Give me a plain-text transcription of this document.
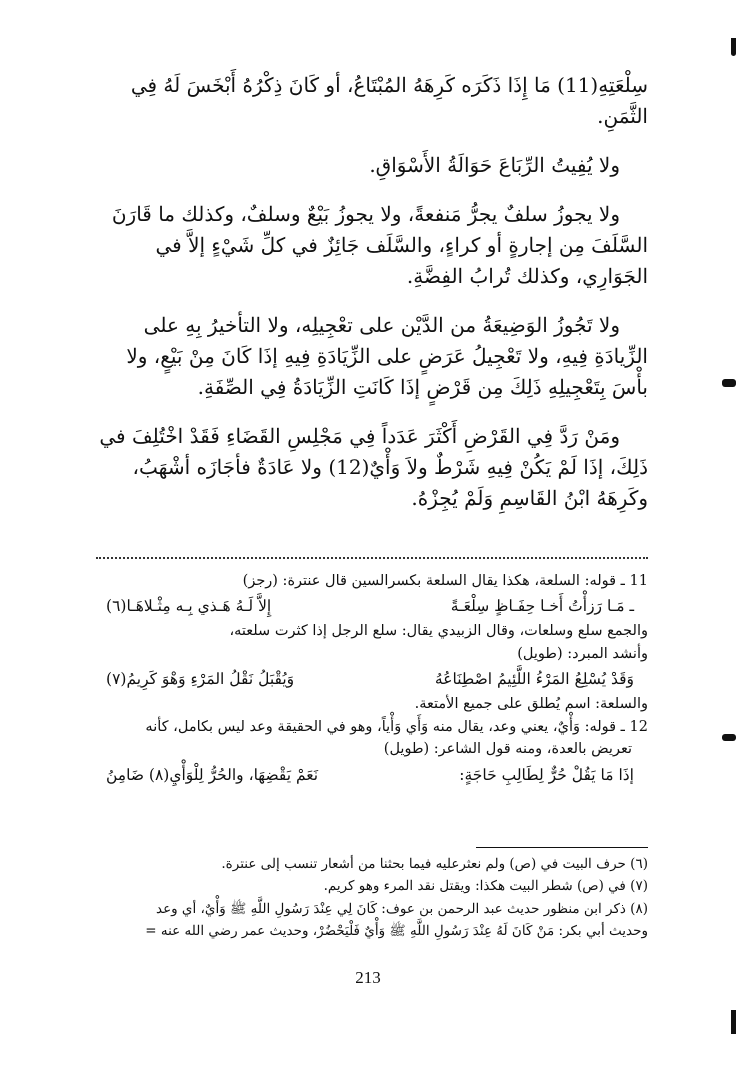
سِلْعَتِهِ(11) مَا إِذَا ذَكَرَه كَرِهَهُ المُبْتَاعُ، أو كَانَ ذِكْرُهُ أَبْخَسَ لَهُ فِي الثَّمَنِ.

ولا يُفِيتُ الرِّبَاعَ حَوَالَةُ الأَسْوَاقِ.

ولا يجوزُ سلفٌ يجرُّ مَنفعةً، ولا يجوزُ بَيْعٌ وسلفٌ، وكذلك ما قَارَنَ السَّلَفَ مِن إجارةٍ أو كراءٍ، والسَّلَف جَائِزٌ في كلِّ شَيْءٍ إلاَّ في الجَوَارِي، وكذلك تُرابُ الفِضَّةِ.

ولا تَجُوزُ الوَضِيعَةُ من الدَّيْن على تعْجِيلِه، ولا التأخيرُ بِهِ على الزِّيادَةِ فِيهِ، ولا تَعْجِيلُ عَرَضٍ على الزِّيَادَةِ فِيهِ إذَا كَانَ مِنْ بَيْعٍ، ولا بأْسَ بِتَعْجِيلِهِ ذَلِكَ مِن قَرْضٍ إذَا كَانَتِ الزِّيَادَةُ فِي الصِّفَةِ.

ومَنْ رَدَّ فِي القَرْضِ أَكْثَرَ عَدَداً فِي مَجْلِسِ القَضَاءِ فَقَدْ اخْتُلِفَ في ذَلِكَ، إذَا لَمْ يَكُنْ فِيهِ شَرْطٌ ولاَ وَأْيٌ(12) ولا عَادَةٌ فأجَازَه أشْهَبُ، وكَرِهَهُ ابْنُ القَاسِمِ وَلَمْ يُجِزْهُ.

11 ـ قوله: السلعة، هكذا يقال السلعة بكسرالسين قال عنترة: (رجز)

ـ مَـا رَزأْتُ أَخـا حِفَـاظٍ سِلْعَـةً
إِلاَّ لَـهُ هَـذي بِـه مِثْـلاهَـا(٦)

والجمع سلع وسلعات، وقال الزبيدي يقال: سلع الرجل إذا كثرت سلعته،

وأنشد المبرد: (طويل)

وَقَدْ يُسْلِعُ المَرْءُ اللَّئِيمُ اصْطِنَاعُهُ
وَيُقْبَلُ نَقْلُ المَرْءِ وَهْوَ كَرِيمُ(٧)

والسلعة: اسم يُطلق على جميع الأمتعة.

12 ـ قوله: وَأْيٌ، يعني وعد، يقال منه وَأَي وَأْياً، وهو في الحقيقة وعد ليس بكامل، كأنه

تعريض بالعدة، ومنه قول الشاعر: (طويل)

إذَا مَا يَقُلْ حُرٌّ لِطَالِبِ حَاجَةٍ:
نَعَمْ يَقْضِهَا، والحُرُّ لِلْوَأْيِ(٨) ضَامِنُ

(٦) حرف البيت في (ص) ولم نعثرعليه فيما بحثنا من أشعار تنسب إلى عنترة.

(٧) في (ص) شطر البيت هكذا: ويقتل نقد المرء وهو كريم.

(٨) ذكر ابن منظور حديث عبد الرحمن بن عوف: كَانَ لِي عِنْدَ رَسُولِ اللَّهِ ﷺ وَأْيٌ، أي وعد

وحديث أبي بكر: مَنْ كَانَ لَهُ عِنْدَ رَسُولِ اللَّهِ ﷺ وَأْيٌ فَلْيَحْضُرْ، وحديث عمر رضي الله عنه =

213
